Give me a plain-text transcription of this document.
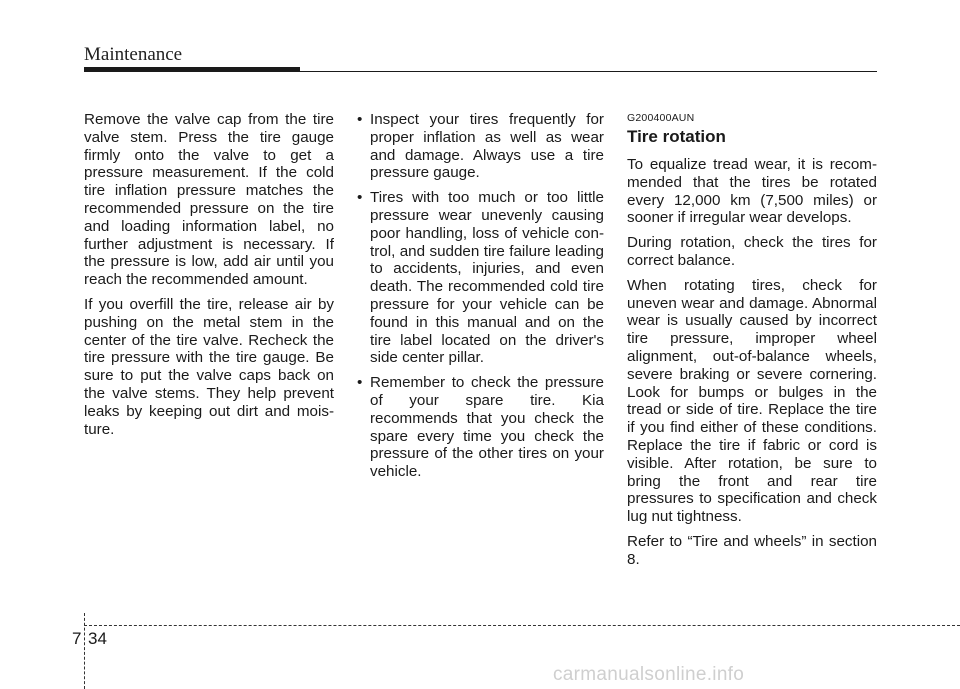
Maintenance

Remove the valve cap from the tire valve stem. Press the tire gauge firmly onto the valve to get a pressure measurement. If the cold tire inflation pressure matches the recommended pressure on the tire and loading information label, no further adjustment is necessary. If the pressure is low, add air until you reach the recommended amount.

If you overfill the tire, release air by pushing on the metal stem in the center of the tire valve. Recheck the tire pressure with the tire gauge. Be sure to put the valve caps back on the valve stems. They help prevent leaks by keeping out dirt and moisture.

• Inspect your tires frequently for proper inflation as well as wear and damage. Always use a tire pressure gauge.
• Tires with too much or too little pressure wear unevenly causing poor handling, loss of vehicle control, and sudden tire failure leading to accidents, injuries, and even death. The recommended cold tire pressure for your vehicle can be found in this manual and on the tire label located on the driver's side center pillar.
• Remember to check the pressure of your spare tire. Kia recommends that you check the spare every time you check the pressure of the other tires on your vehicle.
G200400AUN
Tire rotation

To equalize tread wear, it is recommended that the tires be rotated every 12,000 km (7,500 miles) or sooner if irregular wear develops.

During rotation, check the tires for correct balance.

When rotating tires, check for uneven wear and damage. Abnormal wear is usually caused by incorrect tire pressure, improper wheel alignment, out-of-balance wheels, severe braking or severe cornering. Look for bumps or bulges in the tread or side of tire. Replace the tire if you find either of these conditions. Replace the tire if fabric or cord is visible. After rotation, be sure to bring the front and rear tire pressures to specification and check lug nut tightness.

Refer to “Tire and wheels” in section 8.

7 34
carmanualsonline.info
